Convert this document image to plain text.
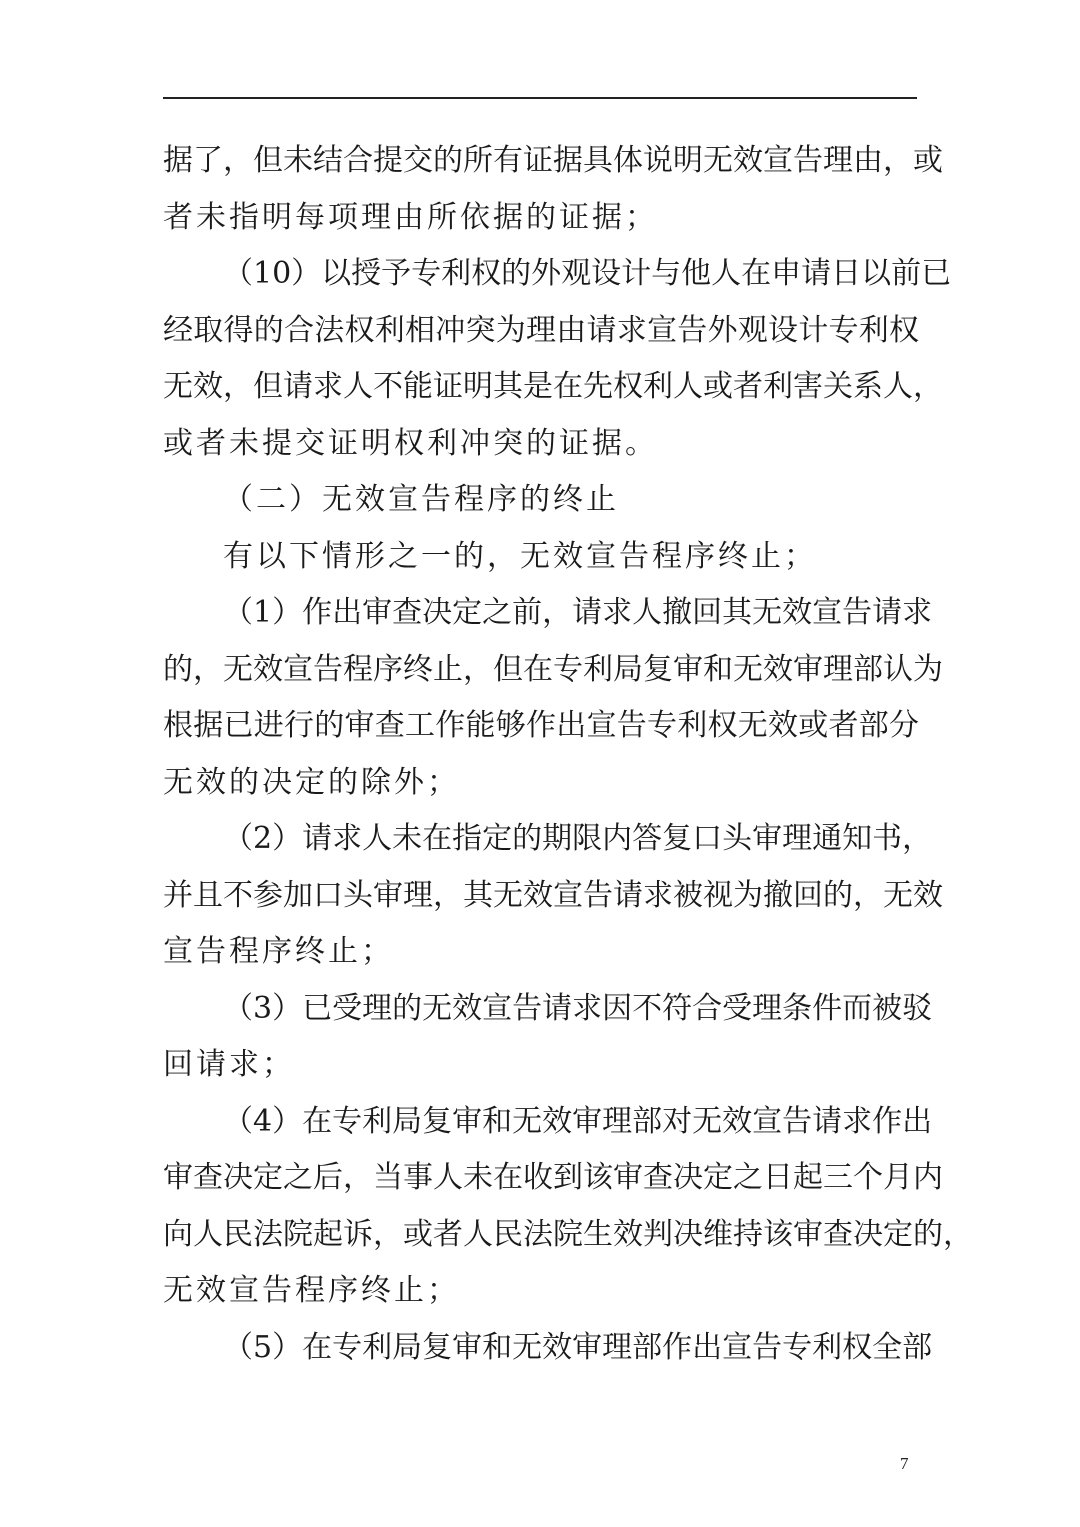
据了，但未结合提交的所有证据具体说明无效宣告理由，或
者未指明每项理由所依据的证据；
（10）以授予专利权的外观设计与他人在申请日以前已
经取得的合法权利相冲突为理由请求宣告外观设计专利权
无效，但请求人不能证明其是在先权利人或者利害关系人，
或者未提交证明权利冲突的证据。
（二）无效宣告程序的终止
有以下情形之一的，无效宣告程序终止；
（1）作出审查决定之前，请求人撤回其无效宣告请求
的，无效宣告程序终止，但在专利局复审和无效审理部认为
根据已进行的审查工作能够作出宣告专利权无效或者部分
无效的决定的除外；
（2）请求人未在指定的期限内答复口头审理通知书，
并且不参加口头审理，其无效宣告请求被视为撤回的，无效
宣告程序终止；
（3）已受理的无效宣告请求因不符合受理条件而被驳
回请求；
（4）在专利局复审和无效审理部对无效宣告请求作出
审查决定之后，当事人未在收到该审查决定之日起三个月内
向人民法院起诉，或者人民法院生效判决维持该审查决定的，
无效宣告程序终止；
（5）在专利局复审和无效审理部作出宣告专利权全部
7
